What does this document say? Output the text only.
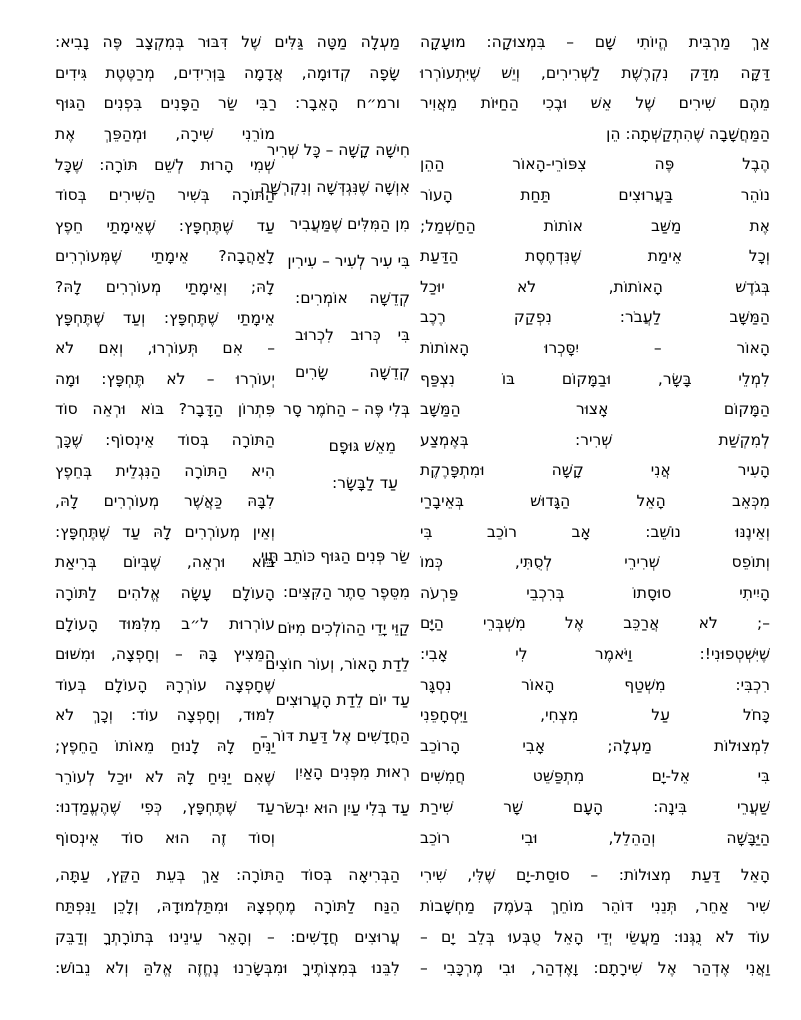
אַךְ מַרְבִּית הֱיוֹתִי שָׁם – בִּמְצוּקָה: מוּעָקָה
דַּקָּה מִדַּק נִקְרֶשֶׁת לַשְּׁרִירִים, וְיֵשׁ שֶׁיִּתְעוֹרְרוּ
מֵהֶם שִׁירִים שֶׁל אֵשׁ וּבֶכִי הַחַיּוֹת מֵאֲוִיר
הַמַּחֲשָׁבָה שֶׁהִתְקַשְּׁתָה: הֵן
הֶבֶל פֶּה צִפּוֹרֵי-הָאוֹר הַהֵן
נוֹהֵר בַּעֲרוּצִים תַּחַת הָעוֹר
אֶת מַשַּׁב אוֹתוֹת הַחַשְׁמַל;
וְכָל אֵימַת שֶׁנִּדְחֶסֶת הַדַּעַת
בְּגֹדֶשׁ הָאוֹתוֹת, לֹא יוּכַל
הַמַּשָּׁב לַעֲבֹר: נִפְקַק רֶכֶב
הָאוֹר – יִסָּכְרוּ הָאוֹתוֹת
לִמְלֵי בָּשָׂר, וּבַמָּקוֹם בּוֹ נִצְפַּף
הַמָּקוֹם אָצוּר הַמַּשָּׁב
לְמִקְשַׁת שְׁרִיר: בְּאֶמְצַע
הָעִיר אֲנִי קָשָׁה וּמִתְפָּרֶקֶת
מִכְּאֵב הָאֵל הַגָּדוּשׁ בְּאֵיבָרַי
וְאֵינֶנּוּ נוֹשֵׁב: אָב רוֹכֵב בִּי
וְתוֹפֵס שְׁרִירֵי לְסֻתִּי, כְּמוֹ
הָיִיתִי סוּסָתוֹ בְּרִכְבֵי פַּרְעֹה
–; לֹא אֲרַכֵּב אֶל מִשְׁבְּרֵי הַיָּם
שֶׁיִּשְׁטְפוּנִי!: וַיֹּאמֶר לִי אָבִי:
רִכְבִּי: מִשְׁטַף הָאוֹר נִסְגָּר
כָּחֹל עַל מִצְחִי, וַיִּסְחָפֵנִי
לִמְצוּלוֹת מַעְלָה; אָבִי הָרוֹכֵב
בִּי אֵל-יָם מִתְפַּשֵּׁט חֲמִשִּׁים
שַׁעֲרֵי בִּינָה: הָעָם שָׁר שִׁירַת
הַיַּבָּשָׁה וְהַהֵלֵל, וּבִי רוֹכֵב
הָאֵל דַּעַת מְצוּלוֹת: – סוּסַת-יָם שֶׁלִּי, שִׁירִי
שִׁיר אַחֵר, תְּנֵנִי דּוֹהֵר מוֹחֵךְ בְּעֹמֶק מַחְשָׁבוֹת
עוֹד לֹא נֻגְּנוּ: מַעֲשֵׂי יְדֵי הָאֵל טֻבְּעוּ בְּלֵב יָם –
וַאֲנִי אֶדְהַר אֶל שִׁירָתָם: וָאֶדְהַר, וּבִי מֶרְכָּבִי –
מַעְלָה מַטָּה גַּלִּים שֶׁל דִּבּוּר בְּמִקְצָב פֶּה נָבִיא:
שָׂפָה קְדוּמָה, אֲדָמָה בַּוְּרִידִים, מְרַטֶּטֶת גִּידִים
ורמ״ח הָאֵבָר: רַבִּי שַׂר הַפָּנִים בִּפְנִים הַגּוּף
מוֹרֵנִי שִׁירָה, וּמְהַפֵּךְ אֶת
שְׁמִי הָרוּת לְשֵׁם תּוֹרָה: שֶׁכָּל
הַתּוֹרָה בְּשִׁיר הַשִּׁירִים בְּסוֹד
עַד שֶׁתֶּחְפָּץ: שֶׁאֵימָתַי חֵפֶץ
לָאַהֲבָה? אֵימָתַי שֶׁמְּעוֹרְרִים
לָהּ; וְאֵימָתַי מְעוֹרְרִים לָהּ?
אֵימָתַי שֶׁתֶּחְפָּץ: וְעַד שֶׁתֶּחְפָּץ
– אִם תְּעוֹרְרוּ, וְאִם לֹא
יְעוֹרְרוּ – לֹא תֶּחְפָּץ: וּמָה
פִּתְרוֹן הַדָּבָר? בּוֹא וּרְאֵה סוֹד
הַתּוֹרָה בְּסוֹד אֵינְסוֹף: שֶׁכָּךְ
הִיא הַתּוֹרָה הַנִּגְלֵית בְּחֵפֶץ
לִבָּהּ כַּאֲשֶׁר מְעוֹרְרִים לָהּ,
וְאֵין מְעוֹרְרִים לָהּ עַד שֶׁתֶּחְפָּץ:
בּוֹא וּרְאֵה, שֶׁבְּיוֹם בְּרִיאַת
הָעוֹלָם עָשָׂה אֱלֹהִים לַתּוֹרָה
עוֹרְרוּת ל״ב מִלִּמּוּד הָעוֹלָם
הַמֵּצִיץ בָּהּ – וְחָפְצָה, וּמִשּׁוּם
שֶׁחָפְצָה עוֹרְרָהּ הָעוֹלָם בְּעוֹד
לִמּוּד, וְחָפְצָה עוֹד: וְכָךְ לֹא
יַנִּיחַ לָהּ לָנוּחַ מֵאוֹתוֹ הַחֵפֶץ;
שֶׁאִם יַנִּיחַ לָהּ לֹא יוּכַל לְעוֹרֵר
עַד שֶׁתֶּחְפָּץ, כְּפִי שֶׁהֶעֱמַדְנוּ:
וְסוֹד זֶה הוּא סוֹד אֵינְסוֹף
הַבְּרִיאָה בְּסוֹד הַתּוֹרָה: אַךְ בְּעֵת הַקֵּץ, עַתָּה,
הֵנַּח לַתּוֹרָה מֶחֶפְצָהּ וּמִתַּלְמוּדָהּ, וְלָכֵן וַנִּפְתַּח
עֲרוּצִים חֲדָשִׁים: – וְהָאֵר עֵינֵינוּ בְּתוֹרָתְךָ וְדַבֵּק
לִבֵּנוּ בְּמִצְוֹתֶיךָ וּמִבְּשָׂרֵנוּ נֶחֱזֶה אֱלֹהַּ וְלֹא נֵבוֹשׁ:
חִישָׁה קָשָׁה – כָּל שְׁרִיר
אִוְשָׁה שֶׁנִּגְדְּשָׁה וְנִקְרְשָׁה
מִן הַמִּלִּים שֶׁמַּעֲבִיר
בִּי עִיר לְעִיר – עִירִין
קְדֵשָׁה אוֹמְרִים:
בִּי כְּרוּב לִכְרוּב
קְדֵשָׁה שָׂרִים
בְּלִי פֶּה – הַחֹמֶר סָר
מֵאֵשׁ גּוּפָם
עַד לַבָּשָׂר:
שַׂר פְּנִים הַגּוּף כּוֹתֵב תָּוֵי
מִסֵּפֶר סֵתֶר הַקִּצִּים:
קַוֵּי יָדֵי הַהוֹלְכִים מִיּוֹם
לֵדַת הָאוֹר, וְעוֹר חוֹצִים
עַד יוֹם לֵדַת הָעֲרוּצִים
הַחֲדָשִׁים אֶל דַּעַת דּוֹר –
רְאוּת מִפְּנִים הָאַיִן
עַד בְּלִי עַיִן הוּא יִבְשֹׂר
